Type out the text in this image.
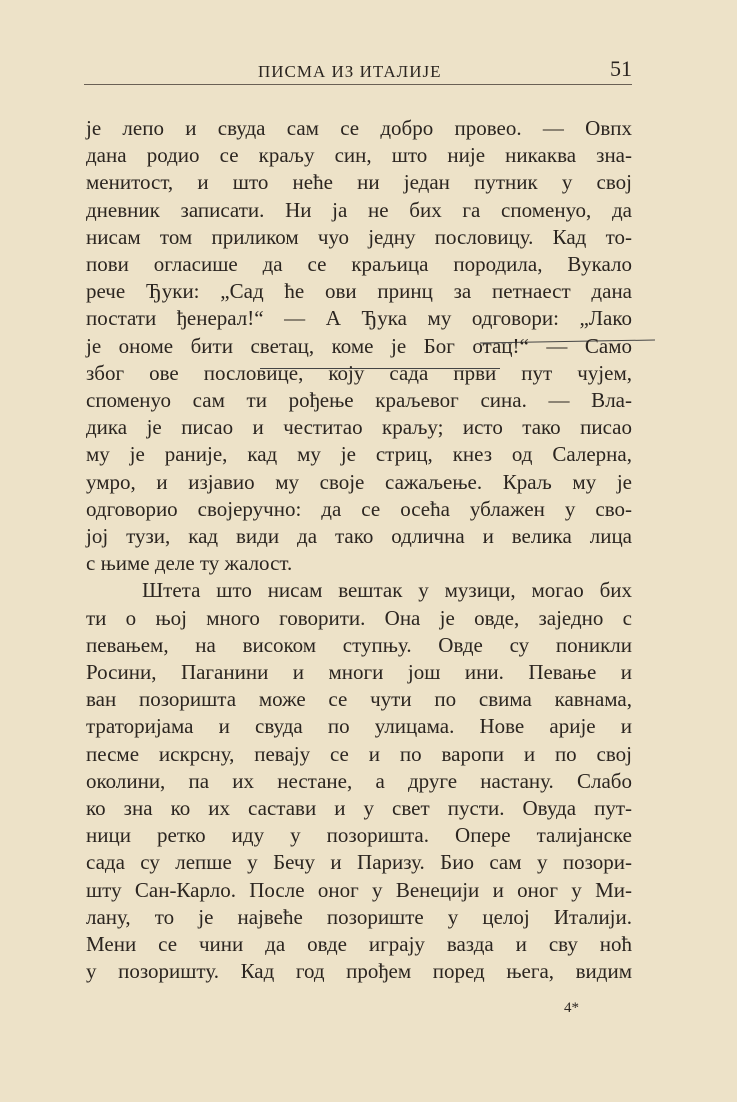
ПИСМА ИЗ ИТАЛИЈЕ	51
је лепо и свуда сам се добро провео. — Овпх
дана родио се краљу син, што није никаква зна-
менитост, и што неће ни један путник у свој
дневник записати. Ни ја не бих га споменуо, да
нисам том приликом чуо једну пословицу. Кад то-
пови огласише да се краљица породила, Вукало
рече Ђуки: „Сад ће ови принц за петнаест дана
постати ђенерал!“ — А Ђука му одговори: „Лако
је ономе бити светац, коме је Бог отац!“ — Само
због ове пословице, коју сада први пут чујем,
споменуо сам ти рођење краљевог сина. — Вла-
дика је писао и честитао краљу; исто тако писао
му је раније, кад му је стриц, кнез од Салерна,
умро, и изјавио му своје сажаљење. Краљ му је
одговорио својеручно: да се осећа ублажен у сво-
јој тузи, кад види да тако одлична и велика лица
с њиме деле ту жалост.
Штета што нисам вештак у музици, могао бих
ти о њој много говорити. Она је овде, заједно с
певањем, на високом ступњу. Овде су поникли
Росини, Паганини и многи још ини. Певање и
ван позоришта може се чути по свима кавнама,
траторијама и свуда по улицама. Нове арије и
песме искрсну, певају се и по варопи и по свој
околини, па их нестане, а друге настану. Слабо
ко зна ко их састави и у свет пусти. Овуда пут-
ници ретко иду у позоришта. Опере талијанске
сада су лепше у Бечу и Паризу. Био сам у позори-
шту Сан-Карло. После оног у Венецији и оног у Ми-
лану, то је највеће позориште у целој Италији.
Мени се чини да овде играју вазда и сву ноћ
у позоришту. Кад год прођем поред њега, видим
4*
